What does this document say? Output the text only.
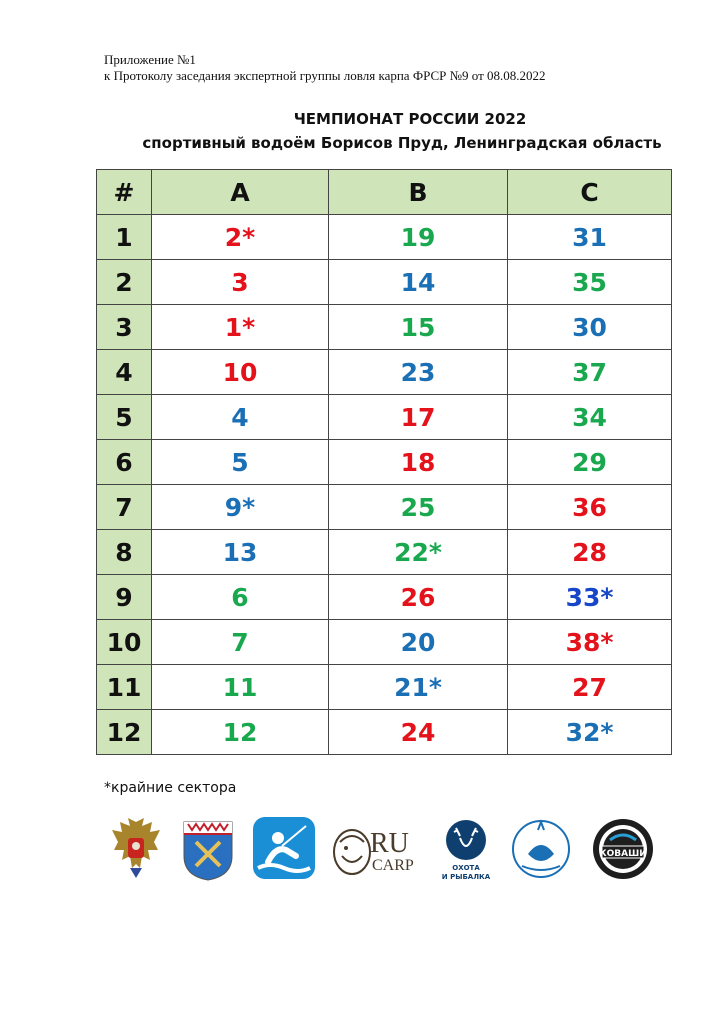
Приложение №1
к Протоколу заседания экспертной группы ловля карпа ФРСР №9 от 08.08.2022
ЧЕМПИОНАТ РОССИИ 2022
спортивный водоём Борисов Пруд, Ленинградская область
#	A	B	C
1	2*	19	31
2	3	14	35
3	1*	15	30
4	10	23	37
5	4	17	34
6	5	18	29
7	9*	25	36
8	13	22*	28
9	6	26	33*
10	7	20	38*
11	11	21*	27
12	12	24	32*
*крайние сектора
RU
CARP	ОХОТА
И РЫБАЛКА
КОВАШИ
